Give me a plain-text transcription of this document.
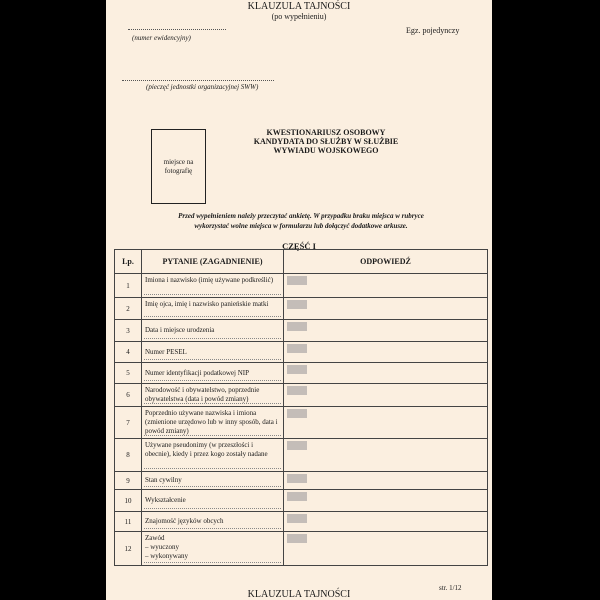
KLAUZULA TAJNOŚCI
(po wypełnieniu)
(numer ewidencyjny)
Egz. pojedynczy
(pieczęć jednostki organizacyjnej SWW)
miejsce na fotografię
KWESTIONARIUSZ OSOBOWY
KANDYDATA DO SŁUŻBY W SŁUŻBIE
WYWIADU WOJSKOWEGO
Przed wypełnieniem należy przeczytać ankietę. W przypadku braku miejsca w rubryce
wykorzystać wolne miejsca w formularzu lub dołączyć dodatkowe arkusze.
CZĘŚĆ I
Lp.	PYTANIE (ZAGADNIENIE)	ODPOWIEDŹ
1	Imiona i nazwisko (imię używane podkreślić)

2	Imię ojca, imię i nazwisko panieńskie matki

3	Data i miejsce urodzenia

4	Numer PESEL

5	Numer identyfikacji podatkowej NIP

6	Narodowość i obywatelstwo, poprzednie obywatelstwa (data i powód zmiany)

7	Poprzednio używane nazwiska i imiona (zmienione urzędowo lub w inny sposób, data i powód zmiany)

8	Używane pseudonimy (w przeszłości i obecnie), kiedy i przez kogo zostały nadane

9	Stan cywilny

10	Wykształcenie

11	Znajomość języków obcych

12	Zawód
– wyuczony
– wykonywany

str. 1/12
KLAUZULA TAJNOŚCI
